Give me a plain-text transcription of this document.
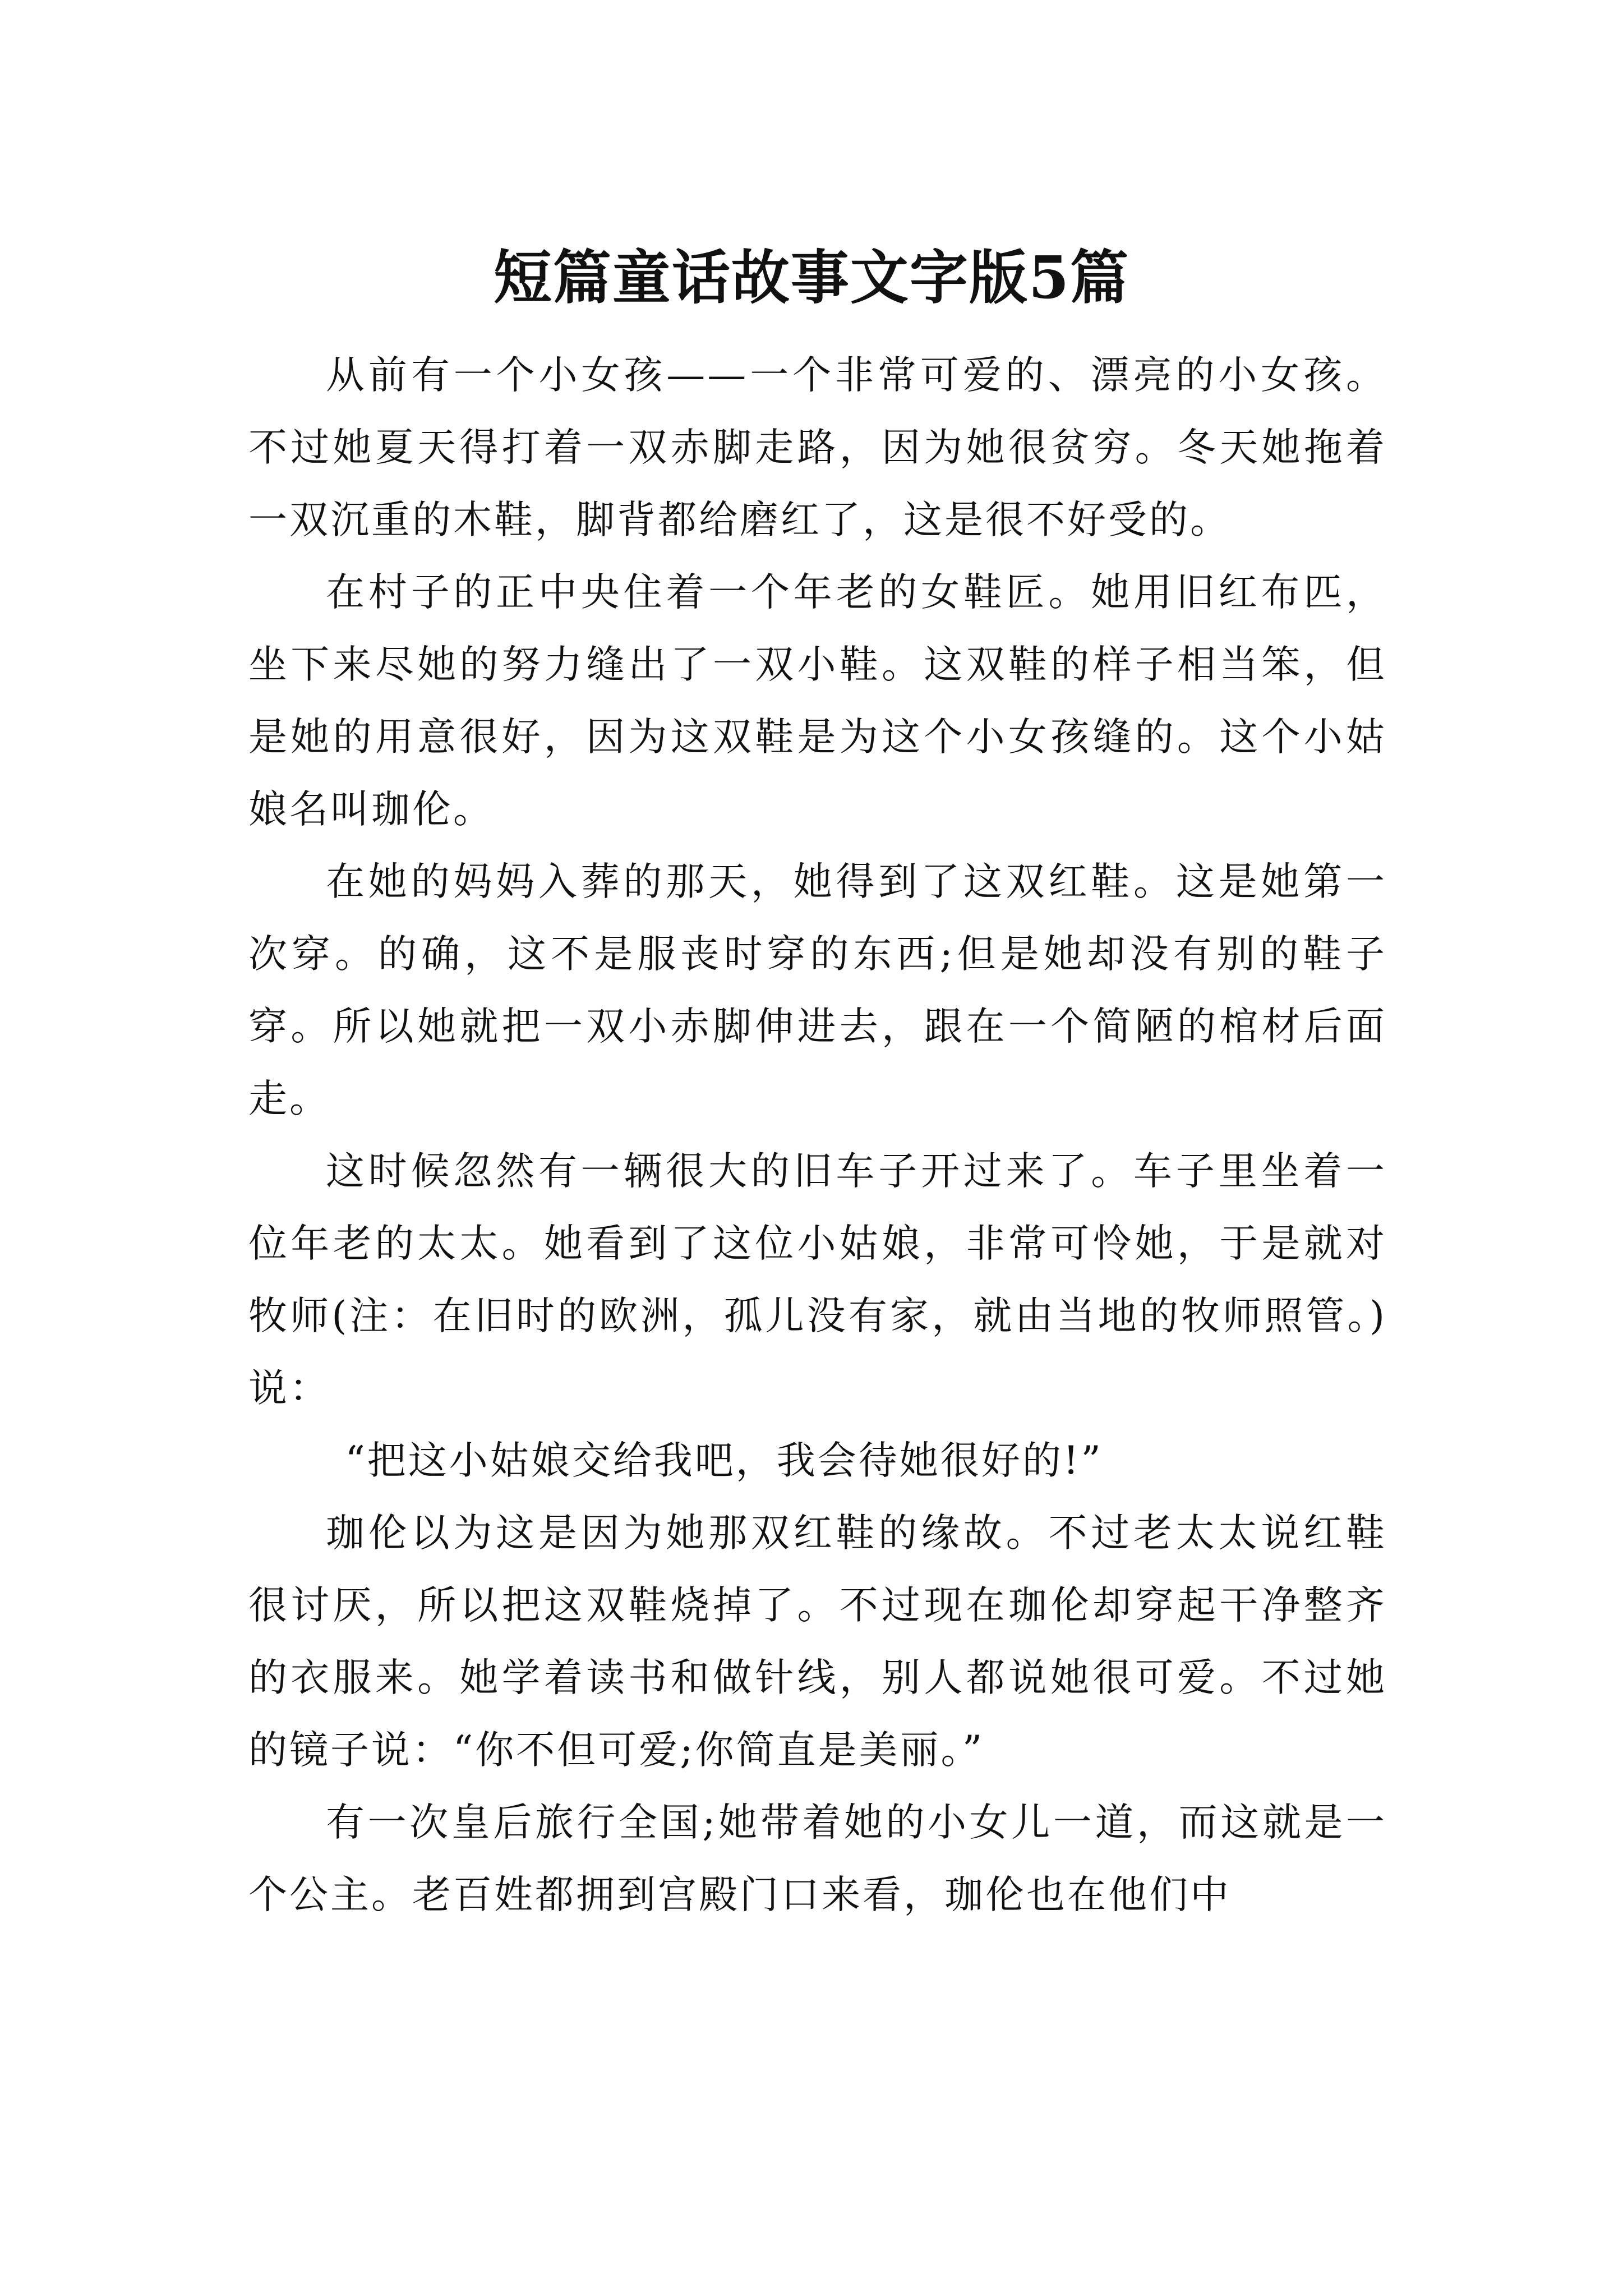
短篇童话故事文字版5篇

从前有一个小女孩——一个非常可爱的、漂亮的小女孩。不过她夏天得打着一双赤脚走路，因为她很贫穷。冬天她拖着一双沉重的木鞋，脚背都给磨红了，这是很不好受的。

在村子的正中央住着一个年老的女鞋匠。她用旧红布匹，坐下来尽她的努力缝出了一双小鞋。这双鞋的样子相当笨，但是她的用意很好，因为这双鞋是为这个小女孩缝的。这个小姑娘名叫珈伦。

在她的妈妈入葬的那天，她得到了这双红鞋。这是她第一次穿。的确，这不是服丧时穿的东西;但是她却没有别的鞋子穿。所以她就把一双小赤脚伸进去，跟在一个简陋的棺材后面走。

这时候忽然有一辆很大的旧车子开过来了。车子里坐着一位年老的太太。她看到了这位小姑娘，非常可怜她，于是就对牧师(注：在旧时的欧洲，孤儿没有家，就由当地的牧师照管。)说：

“把这小姑娘交给我吧，我会待她很好的!”

珈伦以为这是因为她那双红鞋的缘故。不过老太太说红鞋很讨厌，所以把这双鞋烧掉了。不过现在珈伦却穿起干净整齐的衣服来。她学着读书和做针线，别人都说她很可爱。不过她的镜子说：“你不但可爱;你简直是美丽。”

有一次皇后旅行全国;她带着她的小女儿一道，而这就是一个公主。老百姓都拥到宫殿门口来看，珈伦也在他们中
